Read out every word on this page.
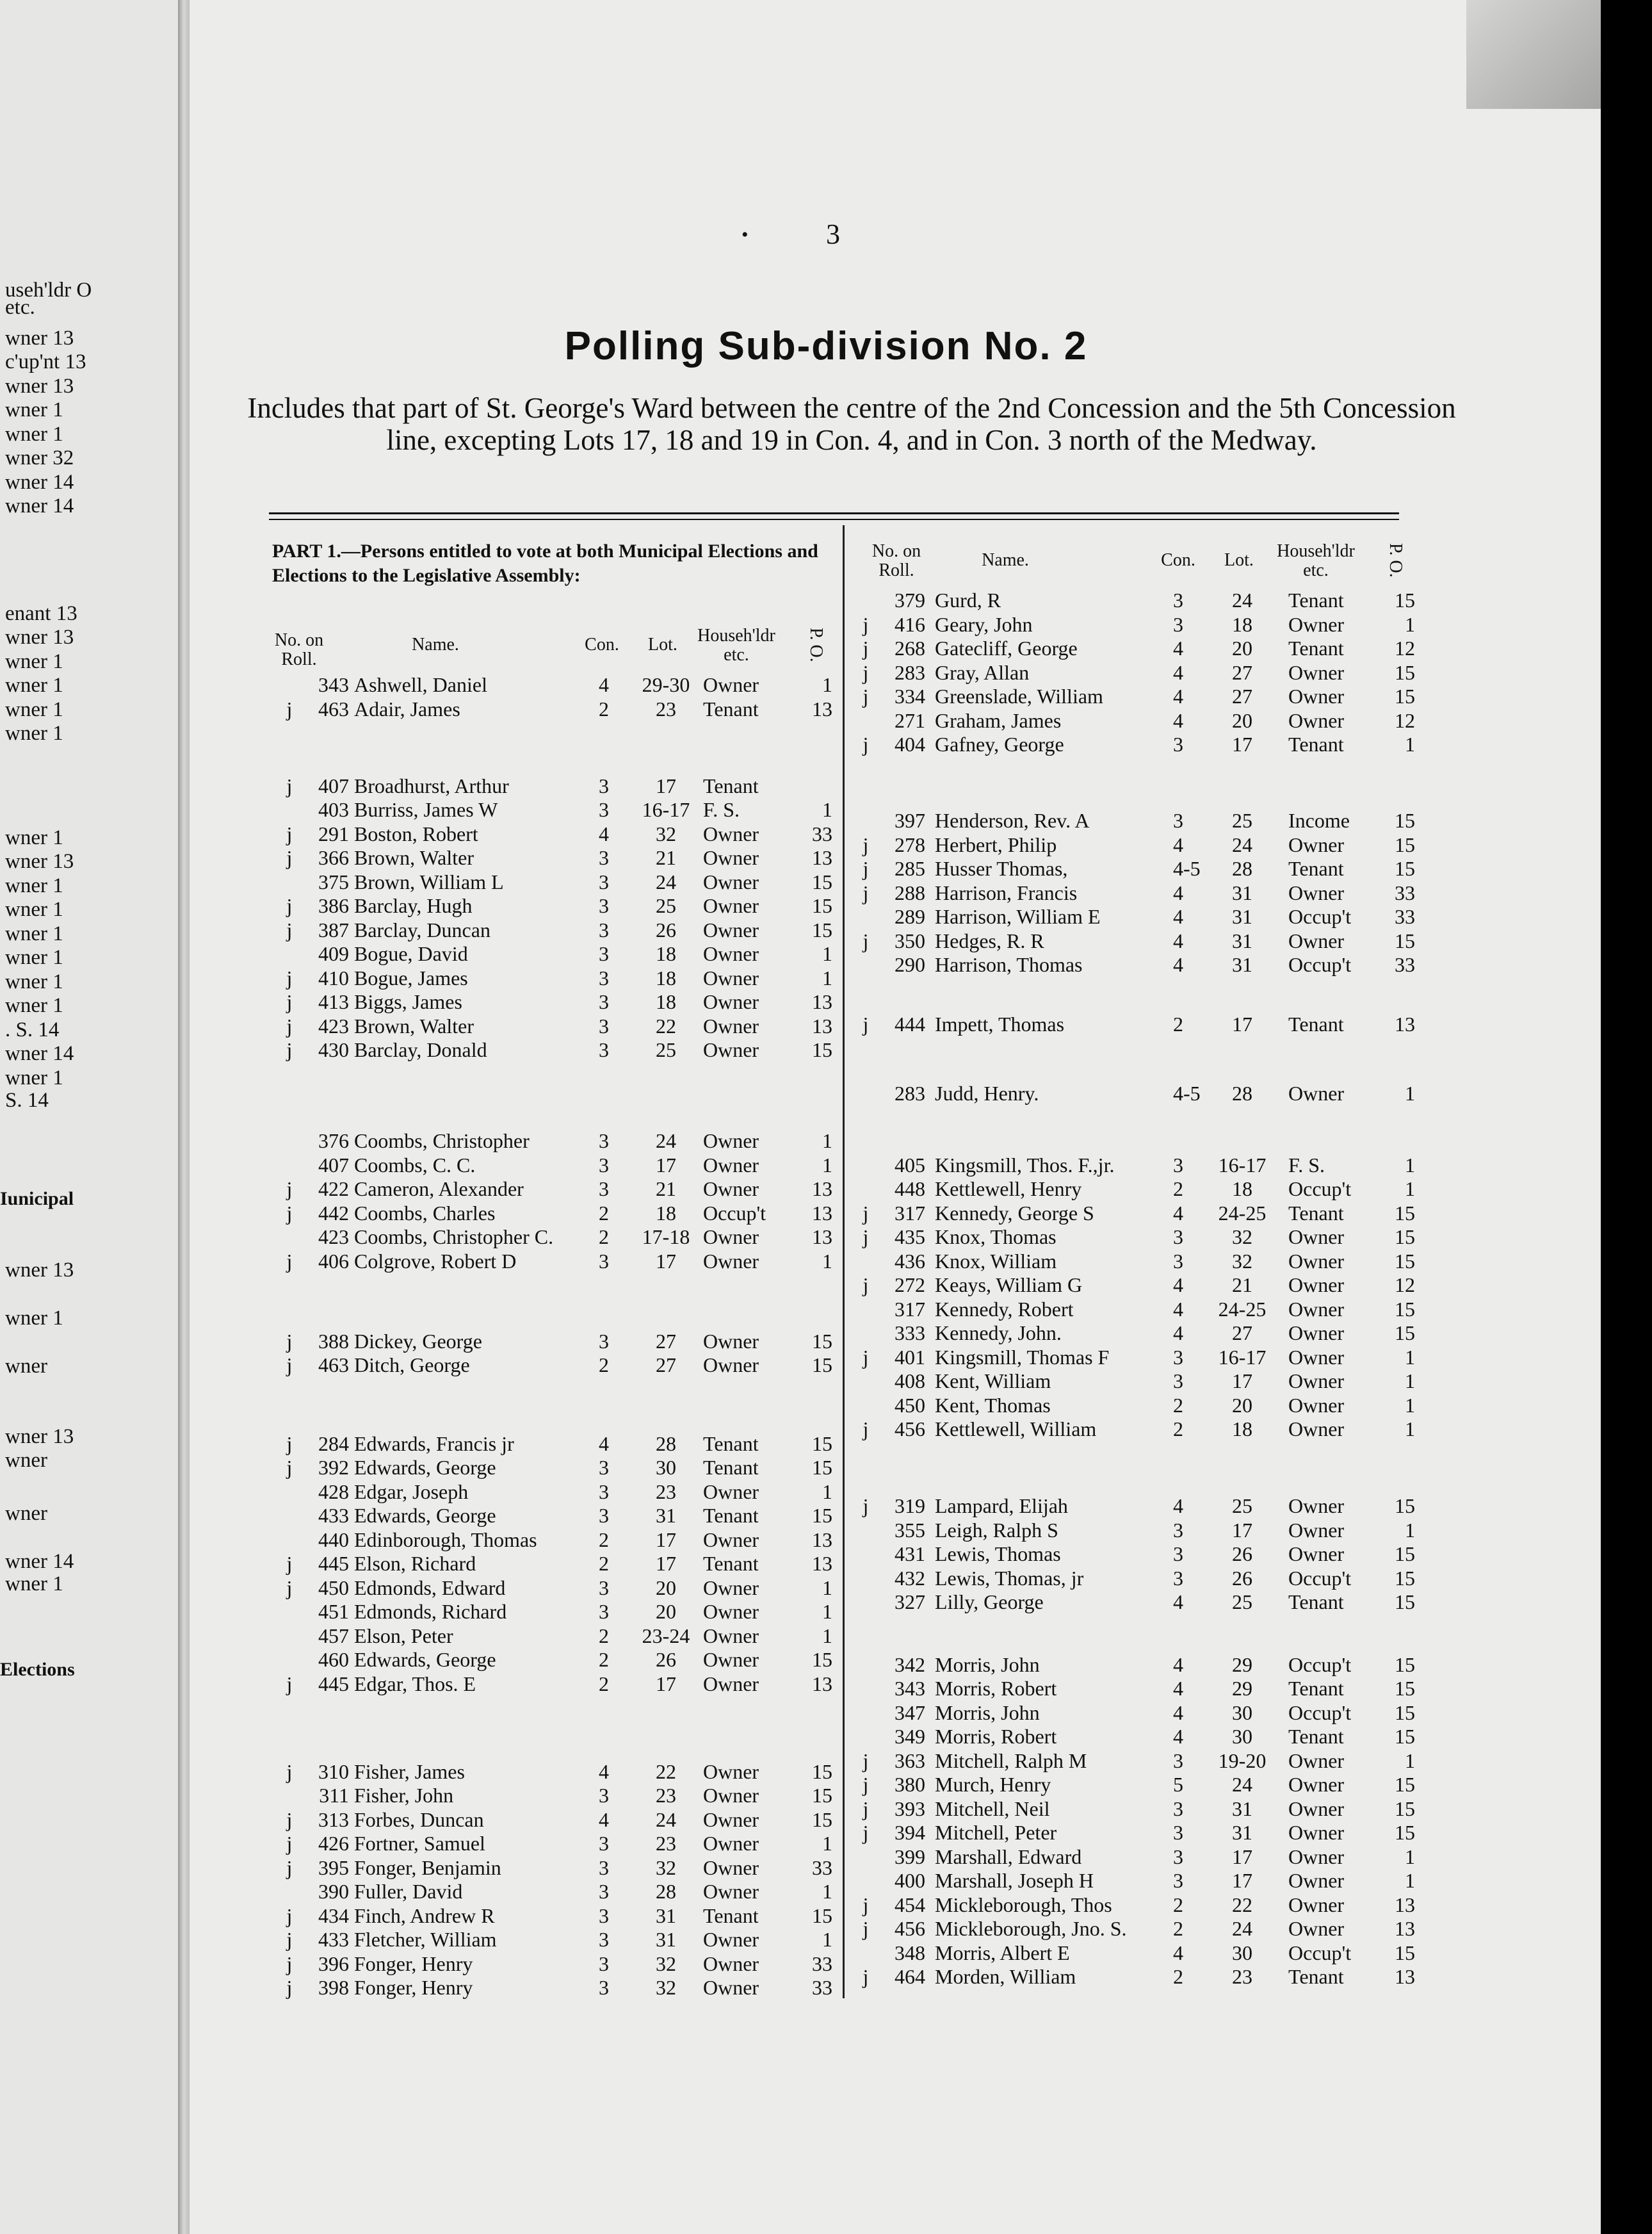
useh'ldr O
etc.
wner 13
c'up'nt 13
wner 13
wner 1
wner 1
wner 32
wner 14
wner 14
enant 13
wner 13
wner 1
wner 1
wner 1
wner 1
wner 1
wner 13
wner 1
wner 1
wner 1
wner 1
wner 1
wner 1
. S. 14
wner 14
wner 1
S. 14
Iunicipal
wner 13
wner 1
wner
wner 13
wner
wner
wner 14
wner 1
Elections
•	3
Polling Sub-division No. 2
Includes that part of St. George's Ward between the centre of the 2nd Concession and the 5th Concession line, excepting Lots 17, 18 and 19 in Con. 4, and in Con. 3 north of the Medway.
PART 1.—Persons entitled to vote at both Municipal Elections and Elections to the Legislative Assembly:
No. on Roll.
Name.	Con.	Lot.	Househ'ldr etc.	P. O.
No. on Roll.
Name.	Con.	Lot.	Househ'ldr etc.	P. O.
343 Ashwell, Daniel	4	29-30 Owner	1
j	463 Adair, James	2	23	Tenant	13
j	407 Broadhurst, Arthur	3	17	Tenant
403 Burriss, James W	3	16-17 F. S.	1
j	291 Boston, Robert	4	32	Owner	33
j	366 Brown, Walter	3	21	Owner	13
375 Brown, William L	3	24	Owner	15
j	386 Barclay, Hugh	3	25	Owner	15
j	387 Barclay, Duncan	3	26	Owner	15
409 Bogue, David	3	18	Owner	1
j	410 Bogue, James	3	18	Owner	1
j	413 Biggs, James	3	18	Owner	13
j	423 Brown, Walter	3	22	Owner	13
j	430 Barclay, Donald	3	25	Owner	15
376 Coombs, Christopher	3	24	Owner	1
407 Coombs, C. C.	3	17	Owner	1
j	422 Cameron, Alexander	3	21	Owner	13
j	442 Coombs, Charles	2	18	Occup't	13
423 Coombs, Christopher C. 2	17-18 Owner	13
j	406 Colgrove, Robert D	3	17	Owner	1
j	388 Dickey, George	3	27	Owner	15
j	463 Ditch, George	2	27	Owner	15
j	284 Edwards, Francis jr	4	28	Tenant	15
j	392 Edwards, George	3	30	Tenant	15
428 Edgar, Joseph	3	23	Owner	1
433 Edwards, George	3	31	Tenant	15
440 Edinborough, Thomas	2	17	Owner	13
j	445 Elson, Richard	2	17	Tenant	13
j	450 Edmonds, Edward	3	20	Owner	1
451 Edmonds, Richard	3	20	Owner	1
457 Elson, Peter	2	23-24 Owner	1
460 Edwards, George	2	26	Owner	15
j	445 Edgar, Thos. E	2	17	Owner	13
j	310 Fisher, James	4	22	Owner	15
311 Fisher, John	3	23	Owner	15
j	313 Forbes, Duncan	4	24	Owner	15
j	426 Fortner, Samuel	3	23	Owner	1
j	395 Fonger, Benjamin	3	32	Owner	33
390 Fuller, David	3	28	Owner	1
j	434 Finch, Andrew R	3	31	Tenant	15
j	433 Fletcher, William	3	31	Owner	1
j	396 Fonger, Henry	3	32	Owner	33
j	398 Fonger, Henry	3	32	Owner	33
379 Gurd, R	3	24	Tenant	15
j	416 Geary, John	3	18	Owner	1
j	268 Gatecliff, George	4	20	Tenant	12
j	283 Gray, Allan	4	27	Owner	15
j	334 Greenslade, William	4	27	Owner	15
271 Graham, James	4	20	Owner	12
j	404 Gafney, George	3	17	Tenant	1
397 Henderson, Rev. A	3	25	Income	15
j	278 Herbert, Philip	4	24	Owner	15
j	285 Husser Thomas,	4-5	28	Tenant	15
j	288 Harrison, Francis	4	31	Owner	33
289 Harrison, William E	4	31	Occup't	33
j	350 Hedges, R. R	4	31	Owner	15
290 Harrison, Thomas	4	31	Occup't	33
j	444 Impett, Thomas	2	17	Tenant	13
283 Judd, Henry.	4-5	28	Owner	1
405 Kingsmill, Thos. F.,jr.	3	16-17	F. S.	1
448 Kettlewell, Henry	2	18	Occup't	1
j	317 Kennedy, George S	4	24-25	Tenant	15
j	435 Knox, Thomas	3	32	Owner	15
436 Knox, William	3	32	Owner	15
j	272 Keays, William G	4	21	Owner	12
317 Kennedy, Robert	4	24-25	Owner	15
333 Kennedy, John.	4	27	Owner	15
j	401 Kingsmill, Thomas F	3	16-17	Owner	1
408 Kent, William	3	17	Owner	1
450 Kent, Thomas	2	20	Owner	1
j	456 Kettlewell, William	2	18	Owner	1
j	319 Lampard, Elijah	4	25	Owner	15
355 Leigh, Ralph S	3	17	Owner	1
431 Lewis, Thomas	3	26	Owner	15
432 Lewis, Thomas, jr	3	26	Occup't	15
327 Lilly, George	4	25	Tenant	15
342 Morris, John	4	29	Occup't	15
343 Morris, Robert	4	29	Tenant	15
347 Morris, John	4	30	Occup't	15
349 Morris, Robert	4	30	Tenant	15
j	363 Mitchell, Ralph M	3	19-20	Owner	1
j	380 Murch, Henry	5	24	Owner	15
j	393 Mitchell, Neil	3	31	Owner	15
j	394 Mitchell, Peter	3	31	Owner	15
399 Marshall, Edward	3	17	Owner	1
400 Marshall, Joseph H	3	17	Owner	1
j	454 Mickleborough, Thos	2	22	Owner	13
j	456 Mickleborough, Jno. S. 2	24	Owner	13
348 Morris, Albert E	4	30	Occup't	15
j	464 Morden, William	2	23	Tenant	13
